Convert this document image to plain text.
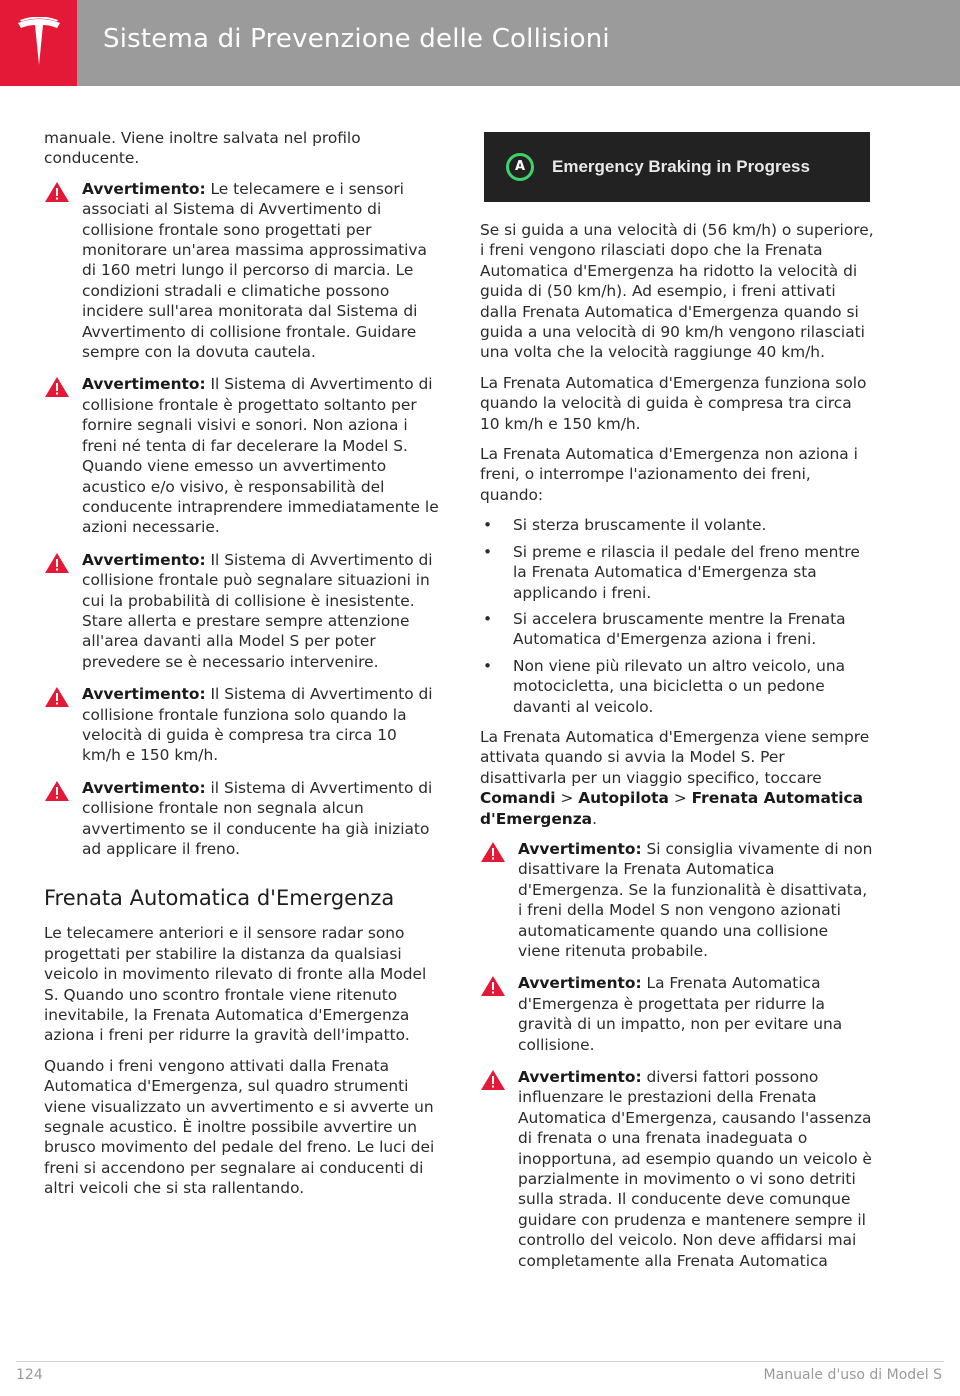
Sistema di Prevenzione delle Collisioni

manuale. Viene inoltre salvata nel profilo conducente.

Avvertimento: Le telecamere e i sensori associati al Sistema di Avvertimento di collisione frontale sono progettati per monitorare un'area massima approssimativa di 160 metri lungo il percorso di marcia. Le condizioni stradali e climatiche possono incidere sull'area monitorata dal Sistema di Avvertimento di collisione frontale. Guidare sempre con la dovuta cautela.
Avvertimento: Il Sistema di Avvertimento di collisione frontale è progettato soltanto per fornire segnali visivi e sonori. Non aziona i freni né tenta di far decelerare la Model S. Quando viene emesso un avvertimento acustico e/o visivo, è responsabilità del conducente intraprendere immediatamente le azioni necessarie.
Avvertimento: Il Sistema di Avvertimento di collisione frontale può segnalare situazioni in cui la probabilità di collisione è inesistente. Stare allerta e prestare sempre attenzione all'area davanti alla Model S per poter prevedere se è necessario intervenire.
Avvertimento: Il Sistema di Avvertimento di collisione frontale funziona solo quando la velocità di guida è compresa tra circa 10 km/h e 150 km/h.
Avvertimento: il Sistema di Avvertimento di collisione frontale non segnala alcun avvertimento se il conducente ha già iniziato ad applicare il freno.
Frenata Automatica d'Emergenza

Le telecamere anteriori e il sensore radar sono progettati per stabilire la distanza da qualsiasi veicolo in movimento rilevato di fronte alla Model S. Quando uno scontro frontale viene ritenuto inevitabile, la Frenata Automatica d'Emergenza aziona i freni per ridurre la gravità dell'impatto.

Quando i freni vengono attivati dalla Frenata Automatica d'Emergenza, sul quadro strumenti viene visualizzato un avvertimento e si avverte un segnale acustico. È inoltre possibile avvertire un brusco movimento del pedale del freno. Le luci dei freni si accendono per segnalare ai conducenti di altri veicoli che si sta rallentando.

A	Emergency Braking in Progress

Se si guida a una velocità di (56 km/h) o superiore, i freni vengono rilasciati dopo che la Frenata Automatica d'Emergenza ha ridotto la velocità di guida di (50 km/h). Ad esempio, i freni attivati dalla Frenata Automatica d'Emergenza quando si guida a una velocità di 90 km/h vengono rilasciati una volta che la velocità raggiunge 40 km/h.

La Frenata Automatica d'Emergenza funziona solo quando la velocità di guida è compresa tra circa 10 km/h e 150 km/h.

La Frenata Automatica d'Emergenza non aziona i freni, o interrompe l'azionamento dei freni, quando:

• Si sterza bruscamente il volante.
• Si preme e rilascia il pedale del freno mentre la Frenata Automatica d'Emergenza sta applicando i freni.
• Si accelera bruscamente mentre la Frenata Automatica d'Emergenza aziona i freni.
• Non viene più rilevato un altro veicolo, una motocicletta, una bicicletta o un pedone davanti al veicolo.

La Frenata Automatica d'Emergenza viene sempre attivata quando si avvia la Model S. Per disattivarla per un viaggio specifico, toccare Comandi > Autopilota > Frenata Automatica d'Emergenza.

Avvertimento: Si consiglia vivamente di non disattivare la Frenata Automatica d'Emergenza. Se la funzionalità è disattivata, i freni della Model S non vengono azionati automaticamente quando una collisione viene ritenuta probabile.
Avvertimento: La Frenata Automatica d'Emergenza è progettata per ridurre la gravità di un impatto, non per evitare una collisione.
Avvertimento: diversi fattori possono influenzare le prestazioni della Frenata Automatica d'Emergenza, causando l'assenza di frenata o una frenata inadeguata o inopportuna, ad esempio quando un veicolo è parzialmente in movimento o vi sono detriti sulla strada. Il conducente deve comunque guidare con prudenza e mantenere sempre il controllo del veicolo. Non deve affidarsi mai completamente alla Frenata Automatica
124	Manuale d'uso di Model S
